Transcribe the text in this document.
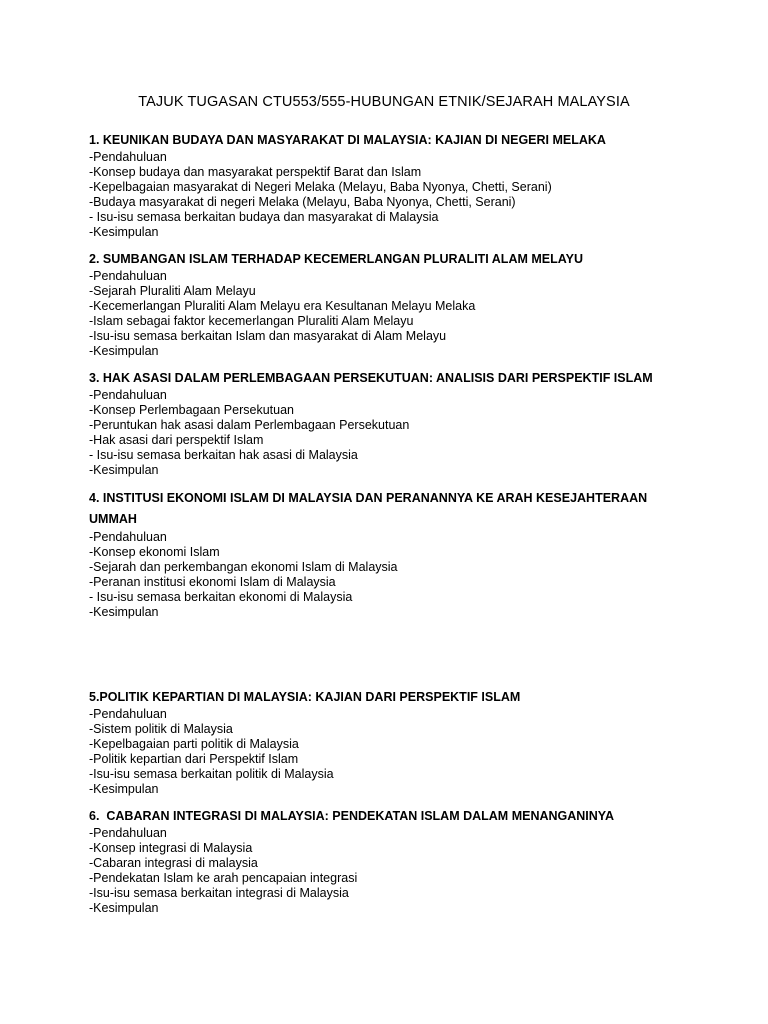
TAJUK TUGASAN CTU553/555-HUBUNGAN ETNIK/SEJARAH MALAYSIA
1. KEUNIKAN BUDAYA DAN MASYARAKAT DI MALAYSIA: KAJIAN DI NEGERI MELAKA
-Pendahuluan
-Konsep budaya dan masyarakat perspektif Barat dan Islam
-Kepelbagaian masyarakat di Negeri Melaka (Melayu, Baba Nyonya, Chetti, Serani)
-Budaya masyarakat di negeri Melaka (Melayu, Baba Nyonya, Chetti, Serani)
- Isu-isu semasa berkaitan budaya dan masyarakat di Malaysia
-Kesimpulan
2. SUMBANGAN ISLAM TERHADAP KECEMERLANGAN PLURALITI ALAM MELAYU
-Pendahuluan
-Sejarah Pluraliti Alam Melayu
-Kecemerlangan Pluraliti Alam Melayu era Kesultanan Melayu Melaka
-Islam sebagai faktor kecemerlangan Pluraliti Alam Melayu
-Isu-isu semasa berkaitan Islam dan masyarakat di Alam Melayu
-Kesimpulan
3. HAK ASASI DALAM PERLEMBAGAAN PERSEKUTUAN: ANALISIS DARI PERSPEKTIF ISLAM
-Pendahuluan
-Konsep Perlembagaan Persekutuan
-Peruntukan hak asasi dalam Perlembagaan Persekutuan
-Hak asasi dari perspektif Islam
- Isu-isu semasa berkaitan hak asasi di Malaysia
-Kesimpulan
4. INSTITUSI EKONOMI ISLAM DI MALAYSIA DAN PERANANNYA KE ARAH KESEJAHTERAAN UMMAH
-Pendahuluan
-Konsep ekonomi Islam
-Sejarah dan perkembangan ekonomi Islam di Malaysia
-Peranan institusi ekonomi Islam di Malaysia
- Isu-isu semasa berkaitan ekonomi di Malaysia
-Kesimpulan
5.POLITIK KEPARTIAN DI MALAYSIA: KAJIAN DARI PERSPEKTIF ISLAM
-Pendahuluan
-Sistem politik di Malaysia
-Kepelbagaian parti politik di Malaysia
-Politik kepartian dari Perspektif Islam
-Isu-isu semasa berkaitan politik di Malaysia
-Kesimpulan
6.  CABARAN INTEGRASI DI MALAYSIA: PENDEKATAN ISLAM DALAM MENANGANINYA
-Pendahuluan
-Konsep integrasi di Malaysia
-Cabaran integrasi di malaysia
-Pendekatan Islam ke arah pencapaian integrasi
-Isu-isu semasa berkaitan integrasi di Malaysia
-Kesimpulan
